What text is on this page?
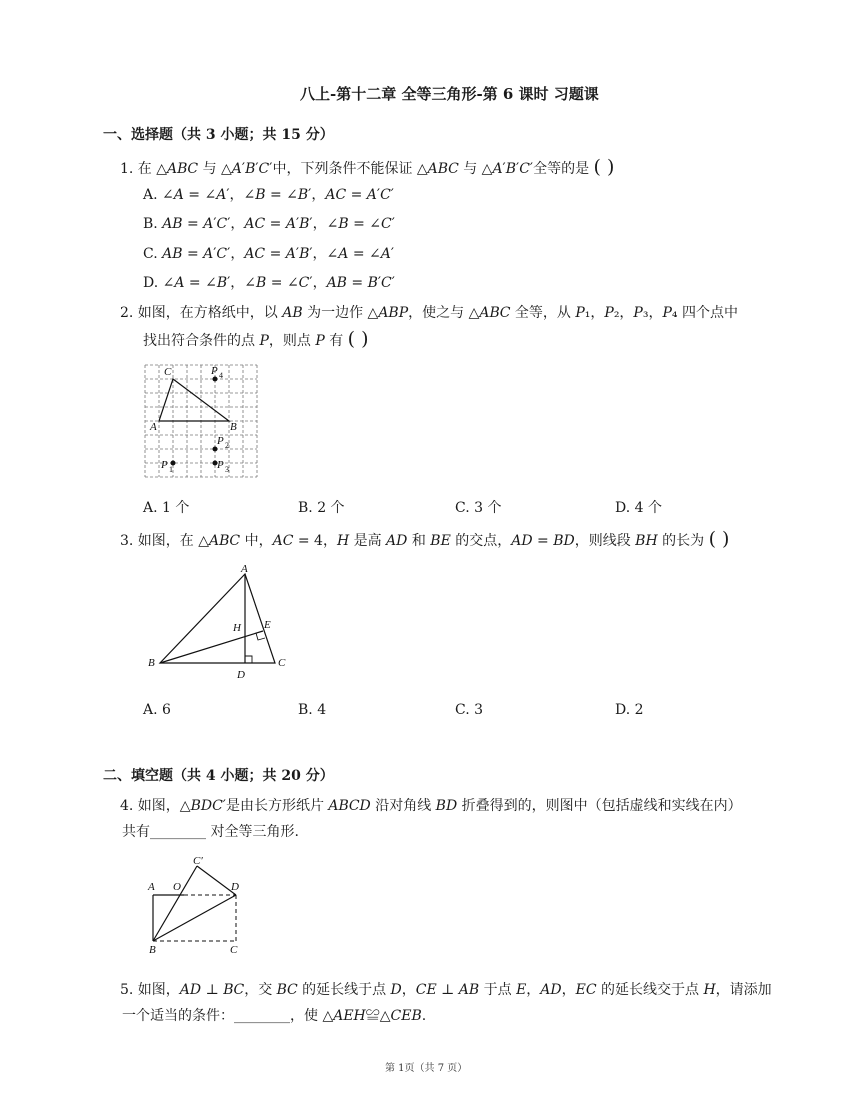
八上-第十二章 全等三角形-第 6 课时 习题课
一、选择题（共 3 小题；共 15 分）
1. 在 △𝐴𝐵𝐶 与 △𝐴′𝐵′𝐶′中，下列条件不能保证 △𝐴𝐵𝐶 与 △𝐴′𝐵′𝐶′全等的是 ( )
A. ∠𝐴 = ∠𝐴′，∠𝐵 = ∠𝐵′，𝐴𝐶 = 𝐴′𝐶′
B. 𝐴𝐵 = 𝐴′𝐶′，𝐴𝐶 = 𝐴′𝐵′，∠𝐵 = ∠𝐶′
C. 𝐴𝐵 = 𝐴′𝐶′，𝐴𝐶 = 𝐴′𝐵′，∠𝐴 = ∠𝐴′
D. ∠𝐴 = ∠𝐵′，∠𝐵 = ∠𝐶′，𝐴𝐵 = 𝐵′𝐶′
2. 如图，在方格纸中，以 𝐴𝐵 为一边作 △𝐴𝐵𝑃，使之与 △𝐴𝐵𝐶 全等，从 𝑃₁，𝑃₂，𝑃₃，𝑃₄ 四个点中
找出符合条件的点 𝑃，则点 𝑃 有 ( )
C
A	B
P 4
P 2
P 3
P 1
A. 1 个	B. 2 个	C. 3 个	D. 4 个
3. 如图，在 △𝐴𝐵𝐶 中，𝐴𝐶 = 4，𝐻 是高 𝐴𝐷 和 𝐵𝐸 的交点，𝐴𝐷 = 𝐵𝐷，则线段 𝐵𝐻 的长为 ( )
A
B	C
D
E
H
A. 6	B. 4	C. 3	D. 2
二、填空题（共 4 小题；共 20 分）
4. 如图，△𝐵𝐷𝐶′是由长方形纸片 𝐴𝐵𝐶𝐷 沿对角线 𝐵𝐷 折叠得到的，则图中（包括虚线和实线在内）
共有________ 对全等三角形.
A O
C′
D
B	C
5. 如图，𝐴𝐷 ⊥ 𝐵𝐶，交 𝐵𝐶 的延长线于点 𝐷，𝐶𝐸 ⊥ 𝐴𝐵 于点 𝐸，𝐴𝐷，𝐸𝐶 的延长线交于点 𝐻，请添加
一个适当的条件：________，使 △𝐴𝐸𝐻≌△𝐶𝐸𝐵.
第 1页（共 7 页）
